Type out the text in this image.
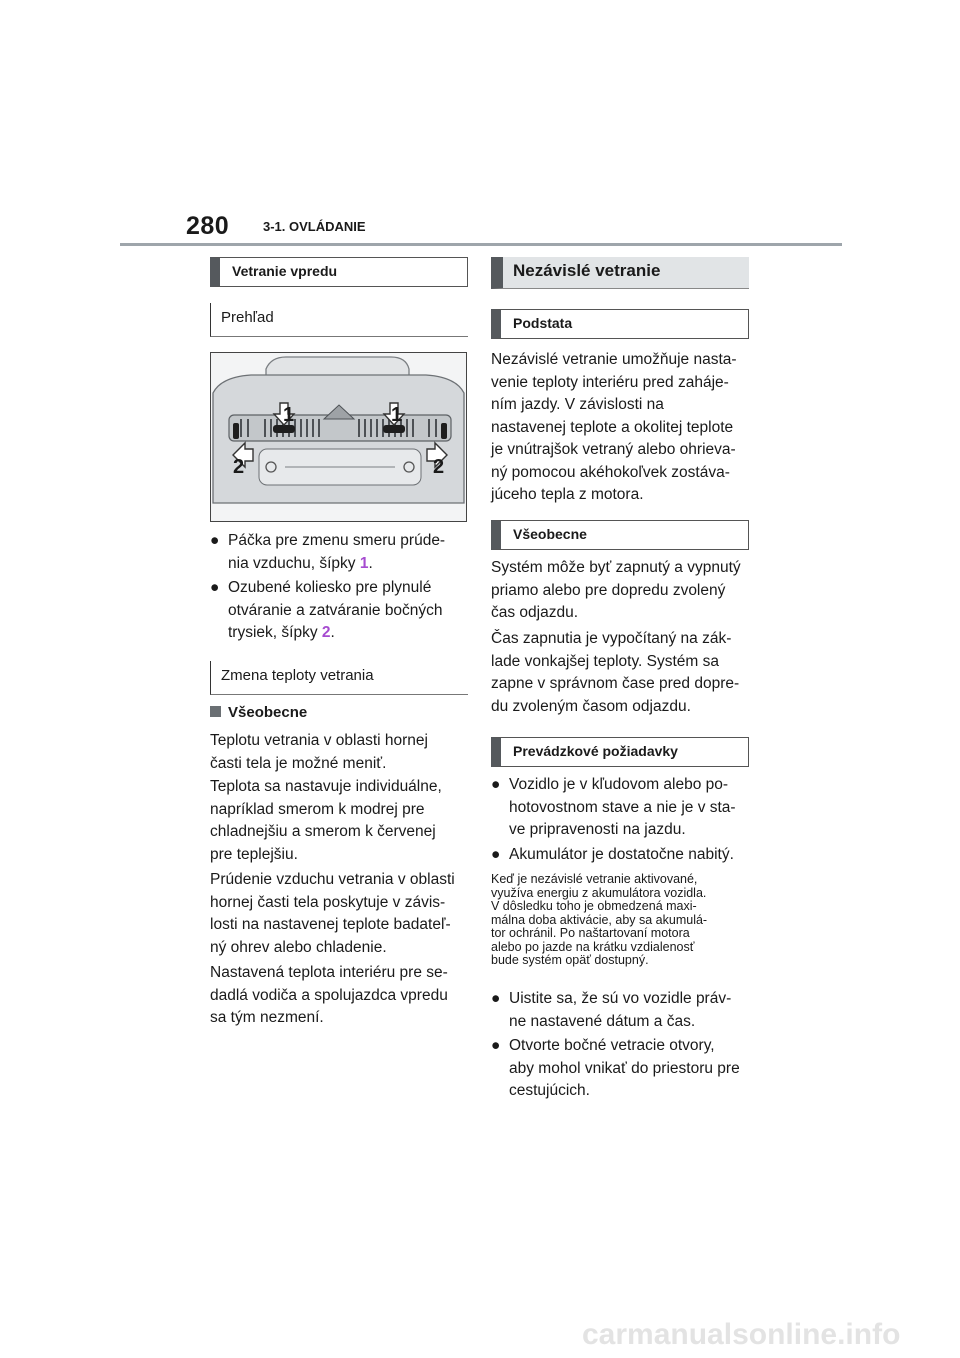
280	3-1. OVLÁDANIE
Vetranie vpredu
Prehľad
1	1
2	2
● Páčka pre zmenu smeru prúde-
nia vzduchu, šípky 1.
● Ozubené koliesko pre plynulé
otváranie a zatváranie bočných
trysiek, šípky 2.
Zmena teploty vetrania
Všeobecne
Teplotu vetrania v oblasti hornej
časti tela je možné meniť.
Teplota sa nastavuje individuálne,
napríklad smerom k modrej pre
chladnejšiu a smerom k červenej
pre teplejšiu.
Prúdenie vzduchu vetrania v oblasti
hornej časti tela poskytuje v závis-
losti na nastavenej teplote badateľ-
ný ohrev alebo chladenie.
Nastavená teplota interiéru pre se-
dadlá vodiča a spolujazdca vpredu
sa tým nezmení.
Nezávislé vetranie
Podstata
Nezávislé vetranie umožňuje nasta-
venie teploty interiéru pred zaháje-
ním jazdy. V závislosti na
nastavenej teplote a okolitej teplote
je vnútrajšok vetraný alebo ohrieva-
ný pomocou akéhokoľvek zostáva-
júceho tepla z motora.
Všeobecne
Systém môže byť zapnutý a vypnutý
priamo alebo pre dopredu zvolený
čas odjazdu.
Čas zapnutia je vypočítaný na zák-
lade vonkajšej teploty. Systém sa
zapne v správnom čase pred dopre-
du zvoleným časom odjazdu.
Prevádzkové požiadavky
● Vozidlo je v kľudovom alebo po-
hotovostnom stave a nie je v sta-
ve pripravenosti na jazdu.
● Akumulátor je dostatočne nabitý.
Keď je nezávislé vetranie aktivované,
využíva energiu z akumulátora vozidla.
V dôsledku toho je obmedzená maxi-
málna doba aktivácie, aby sa akumulá-
tor ochránil. Po naštartovaní motora
alebo po jazde na krátku vzdialenosť
bude systém opäť dostupný.
● Uistite sa, že sú vo vozidle práv-
ne nastavené dátum a čas.
● Otvorte bočné vetracie otvory,
aby mohol vnikať do priestoru pre
cestujúcich.
carmanualsonline.info
